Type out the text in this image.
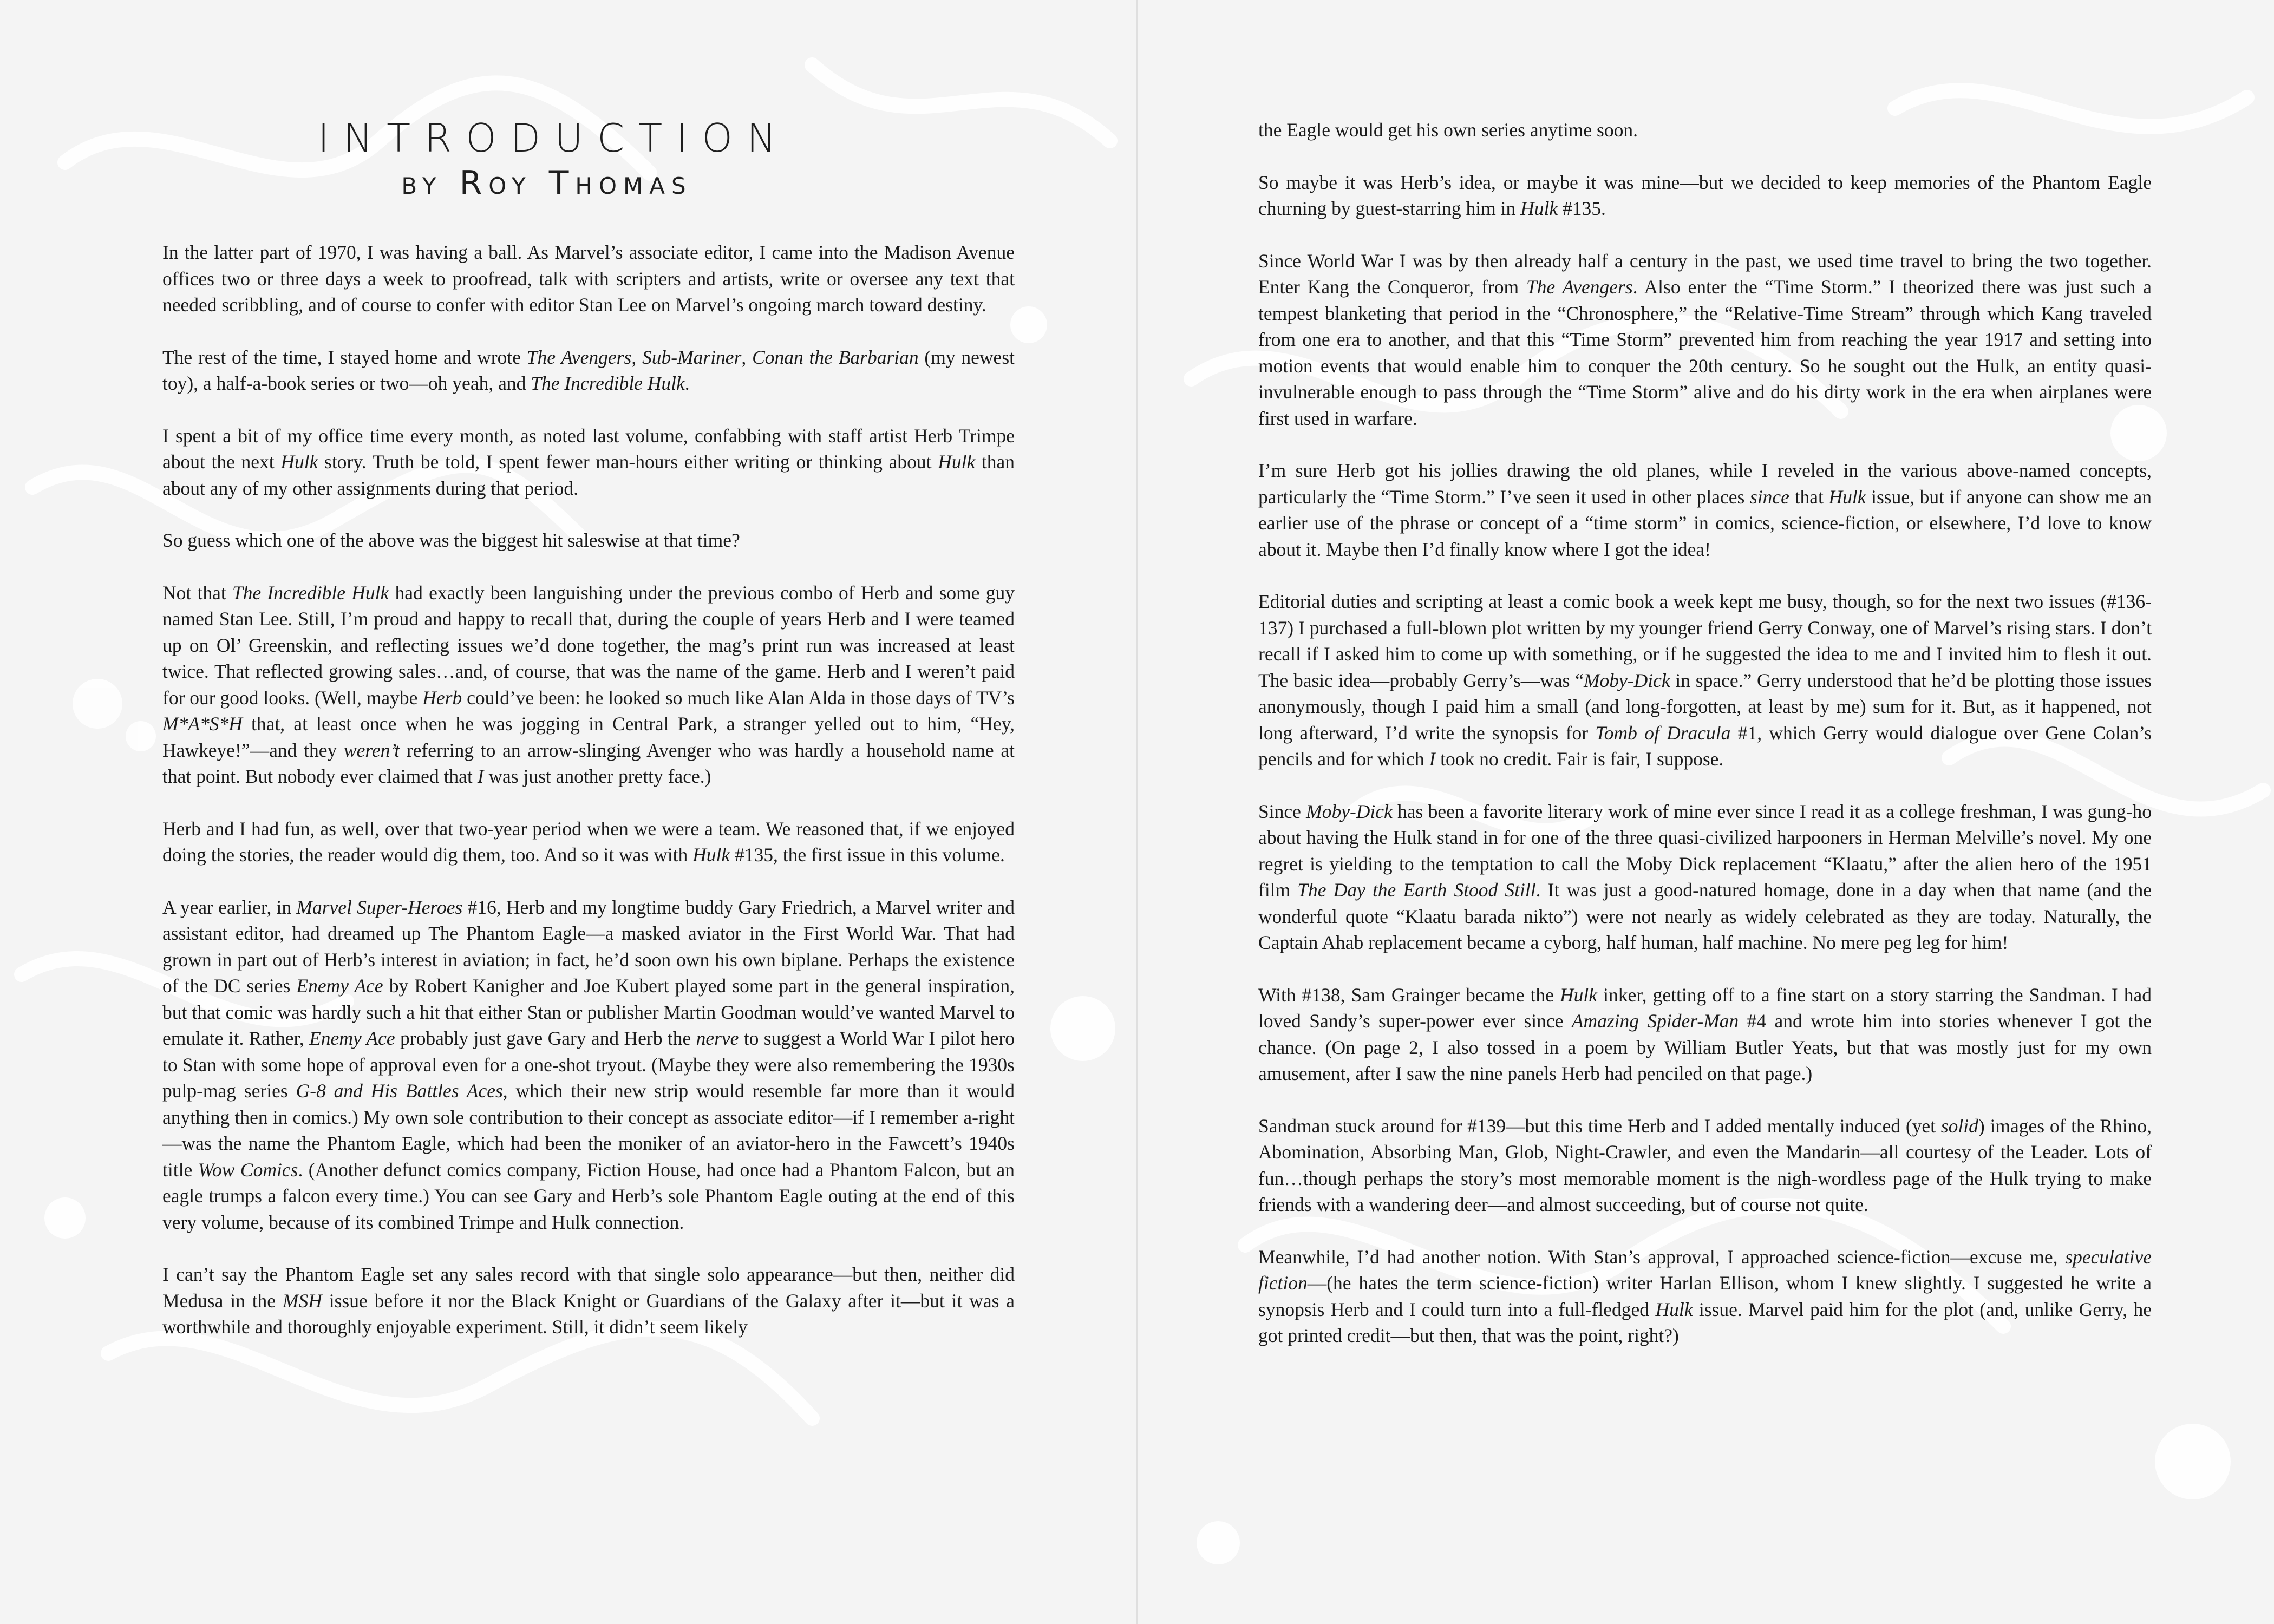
INTRODUCTION
by Roy Thomas

In the latter part of 1970, I was having a ball. As Marvel’s associate editor, I came into the Madison Avenue offices two or three days a week to proofread, talk with scripters and artists, write or oversee any text that needed scribbling, and of course to confer with editor Stan Lee on Marvel’s ongoing march toward destiny.

The rest of the time, I stayed home and wrote The Avengers, Sub-Mariner, Conan the Barbarian (my newest toy), a half-a-book series or two—oh yeah, and The Incredible Hulk.

I spent a bit of my office time every month, as noted last volume, confabbing with staff artist Herb Trimpe about the next Hulk story. Truth be told, I spent fewer man-hours either writing or thinking about Hulk than about any of my other assignments during that period.

So guess which one of the above was the biggest hit saleswise at that time?

Not that The Incredible Hulk had exactly been languishing under the previous combo of Herb and some guy named Stan Lee. Still, I’m proud and happy to recall that, during the couple of years Herb and I were teamed up on Ol’ Greenskin, and reflecting issues we’d done together, the mag’s print run was increased at least twice. That reflected growing sales…and, of course, that was the name of the game. Herb and I weren’t paid for our good looks. (Well, maybe Herb could’ve been: he looked so much like Alan Alda in those days of TV’s M*A*S*H that, at least once when he was jogging in Central Park, a stranger yelled out to him, “Hey, Hawkeye!”—and they weren’t referring to an arrow-slinging Avenger who was hardly a household name at that point. But nobody ever claimed that I was just another pretty face.)

Herb and I had fun, as well, over that two-year period when we were a team. We reasoned that, if we enjoyed doing the stories, the reader would dig them, too. And so it was with Hulk #135, the first issue in this volume.

A year earlier, in Marvel Super-Heroes #16, Herb and my longtime buddy Gary Friedrich, a Marvel writer and assistant editor, had dreamed up The Phantom Eagle—a masked aviator in the First World War. That had grown in part out of Herb’s interest in aviation; in fact, he’d soon own his own biplane. Perhaps the existence of the DC series Enemy Ace by Robert Kanigher and Joe Kubert played some part in the general inspiration, but that comic was hardly such a hit that either Stan or publisher Martin Goodman would’ve wanted Marvel to emulate it. Rather, Enemy Ace probably just gave Gary and Herb the nerve to suggest a World War I pilot hero to Stan with some hope of approval even for a one-shot tryout. (Maybe they were also remembering the 1930s pulp-mag series G-8 and His Battles Aces, which their new strip would resemble far more than it would anything then in comics.) My own sole contribution to their concept as associate editor—if I remember a-right—was the name the Phantom Eagle, which had been the moniker of an aviator-hero in the Fawcett’s 1940s title Wow Comics. (Another defunct comics company, Fiction House, had once had a Phantom Falcon, but an eagle trumps a falcon every time.) You can see Gary and Herb’s sole Phantom Eagle outing at the end of this very volume, because of its combined Trimpe and Hulk connection.

I can’t say the Phantom Eagle set any sales record with that single solo appearance—but then, neither did Medusa in the MSH issue before it nor the Black Knight or Guardians of the Galaxy after it—but it was a worthwhile and thoroughly enjoyable experiment. Still, it didn’t seem likely

the Eagle would get his own series anytime soon.

So maybe it was Herb’s idea, or maybe it was mine—but we decided to keep memories of the Phantom Eagle churning by guest-starring him in Hulk #135.

Since World War I was by then already half a century in the past, we used time travel to bring the two together. Enter Kang the Conqueror, from The Avengers. Also enter the “Time Storm.” I theorized there was just such a tempest blanketing that period in the “Chronosphere,” the “Relative-Time Stream” through which Kang traveled from one era to another, and that this “Time Storm” prevented him from reaching the year 1917 and setting into motion events that would enable him to conquer the 20th century. So he sought out the Hulk, an entity quasi-invulnerable enough to pass through the “Time Storm” alive and do his dirty work in the era when airplanes were first used in warfare.

I’m sure Herb got his jollies drawing the old planes, while I reveled in the various above-named concepts, particularly the “Time Storm.” I’ve seen it used in other places since that Hulk issue, but if anyone can show me an earlier use of the phrase or concept of a “time storm” in comics, science-fiction, or elsewhere, I’d love to know about it. Maybe then I’d finally know where I got the idea!

Editorial duties and scripting at least a comic book a week kept me busy, though, so for the next two issues (#136-137) I purchased a full-blown plot written by my younger friend Gerry Conway, one of Marvel’s rising stars. I don’t recall if I asked him to come up with something, or if he suggested the idea to me and I invited him to flesh it out. The basic idea—probably Gerry’s—was “Moby-Dick in space.” Gerry understood that he’d be plotting those issues anonymously, though I paid him a small (and long-forgotten, at least by me) sum for it. But, as it happened, not long afterward, I’d write the synopsis for Tomb of Dracula #1, which Gerry would dialogue over Gene Colan’s pencils and for which I took no credit. Fair is fair, I suppose.

Since Moby-Dick has been a favorite literary work of mine ever since I read it as a college freshman, I was gung-ho about having the Hulk stand in for one of the three quasi-civilized harpooners in Herman Melville’s novel. My one regret is yielding to the temptation to call the Moby Dick replacement “Klaatu,” after the alien hero of the 1951 film The Day the Earth Stood Still. It was just a good-natured homage, done in a day when that name (and the wonderful quote “Klaatu barada nikto”) were not nearly as widely celebrated as they are today. Naturally, the Captain Ahab replacement became a cyborg, half human, half machine. No mere peg leg for him!

With #138, Sam Grainger became the Hulk inker, getting off to a fine start on a story starring the Sandman. I had loved Sandy’s super-power ever since Amazing Spider-Man #4 and wrote him into stories whenever I got the chance. (On page 2, I also tossed in a poem by William Butler Yeats, but that was mostly just for my own amusement, after I saw the nine panels Herb had penciled on that page.)

Sandman stuck around for #139—but this time Herb and I added mentally induced (yet solid) images of the Rhino, Abomination, Absorbing Man, Glob, Night-Crawler, and even the Mandarin—all courtesy of the Leader. Lots of fun…though perhaps the story’s most memorable moment is the nigh-wordless page of the Hulk trying to make friends with a wandering deer—and almost succeeding, but of course not quite.

Meanwhile, I’d had another notion. With Stan’s approval, I approached science-fiction—excuse me, speculative fiction—(he hates the term science-fiction) writer Harlan Ellison, whom I knew slightly. I suggested he write a synopsis Herb and I could turn into a full-fledged Hulk issue. Marvel paid him for the plot (and, unlike Gerry, he got printed credit—but then, that was the point, right?)
